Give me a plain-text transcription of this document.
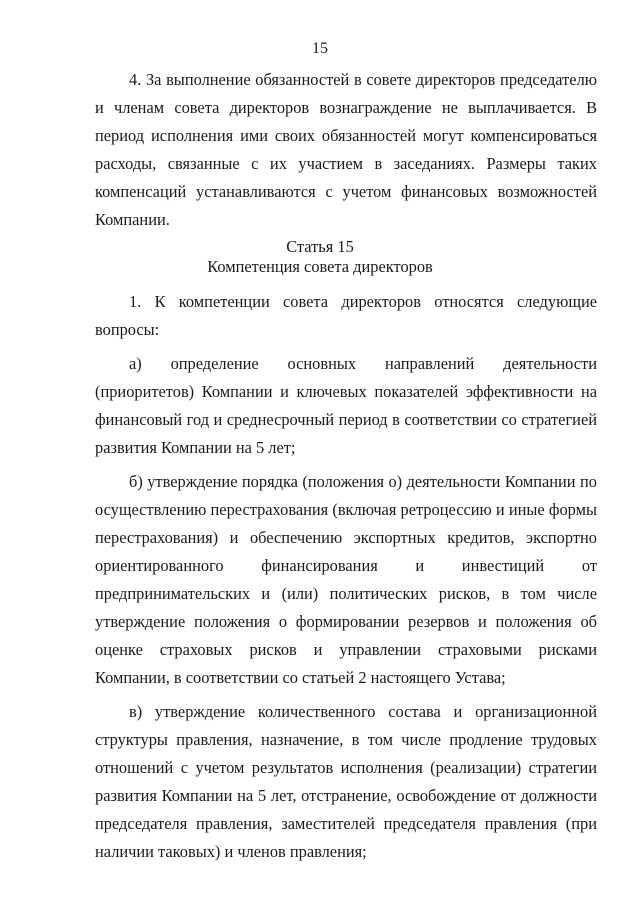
15

4. За выполнение обязанностей в совете директоров председателю и членам совета директоров вознаграждение не выплачивается. В период исполнения ими своих обязанностей могут компенсироваться расходы, связанные с их участием в заседаниях. Размеры таких компенсаций устанавливаются с учетом финансовых возможностей Компании.

Статья 15
Компетенция совета директоров

1. К компетенции совета директоров относятся следующие вопросы:

а) определение основных направлений деятельности (приоритетов) Компании и ключевых показателей эффективности на финансовый год и среднесрочный период в соответствии со стратегией развития Компании на 5 лет;

б) утверждение порядка (положения о) деятельности Компании по осуществлению перестрахования (включая ретроцессию и иные формы перестрахования) и обеспечению экспортных кредитов, экспортно ориентированного финансирования и инвестиций от предпринимательских и (или) политических рисков, в том числе утверждение положения о формировании резервов и положения об оценке страховых рисков и управлении страховыми рисками Компании, в соответствии со статьей 2 настоящего Устава;

в) утверждение количественного состава и организационной структуры правления, назначение, в том числе продление трудовых отношений с учетом результатов исполнения (реализации) стратегии развития Компании на 5 лет, отстранение, освобождение от должности председателя правления, заместителей председателя правления (при наличии таковых) и членов правления;
